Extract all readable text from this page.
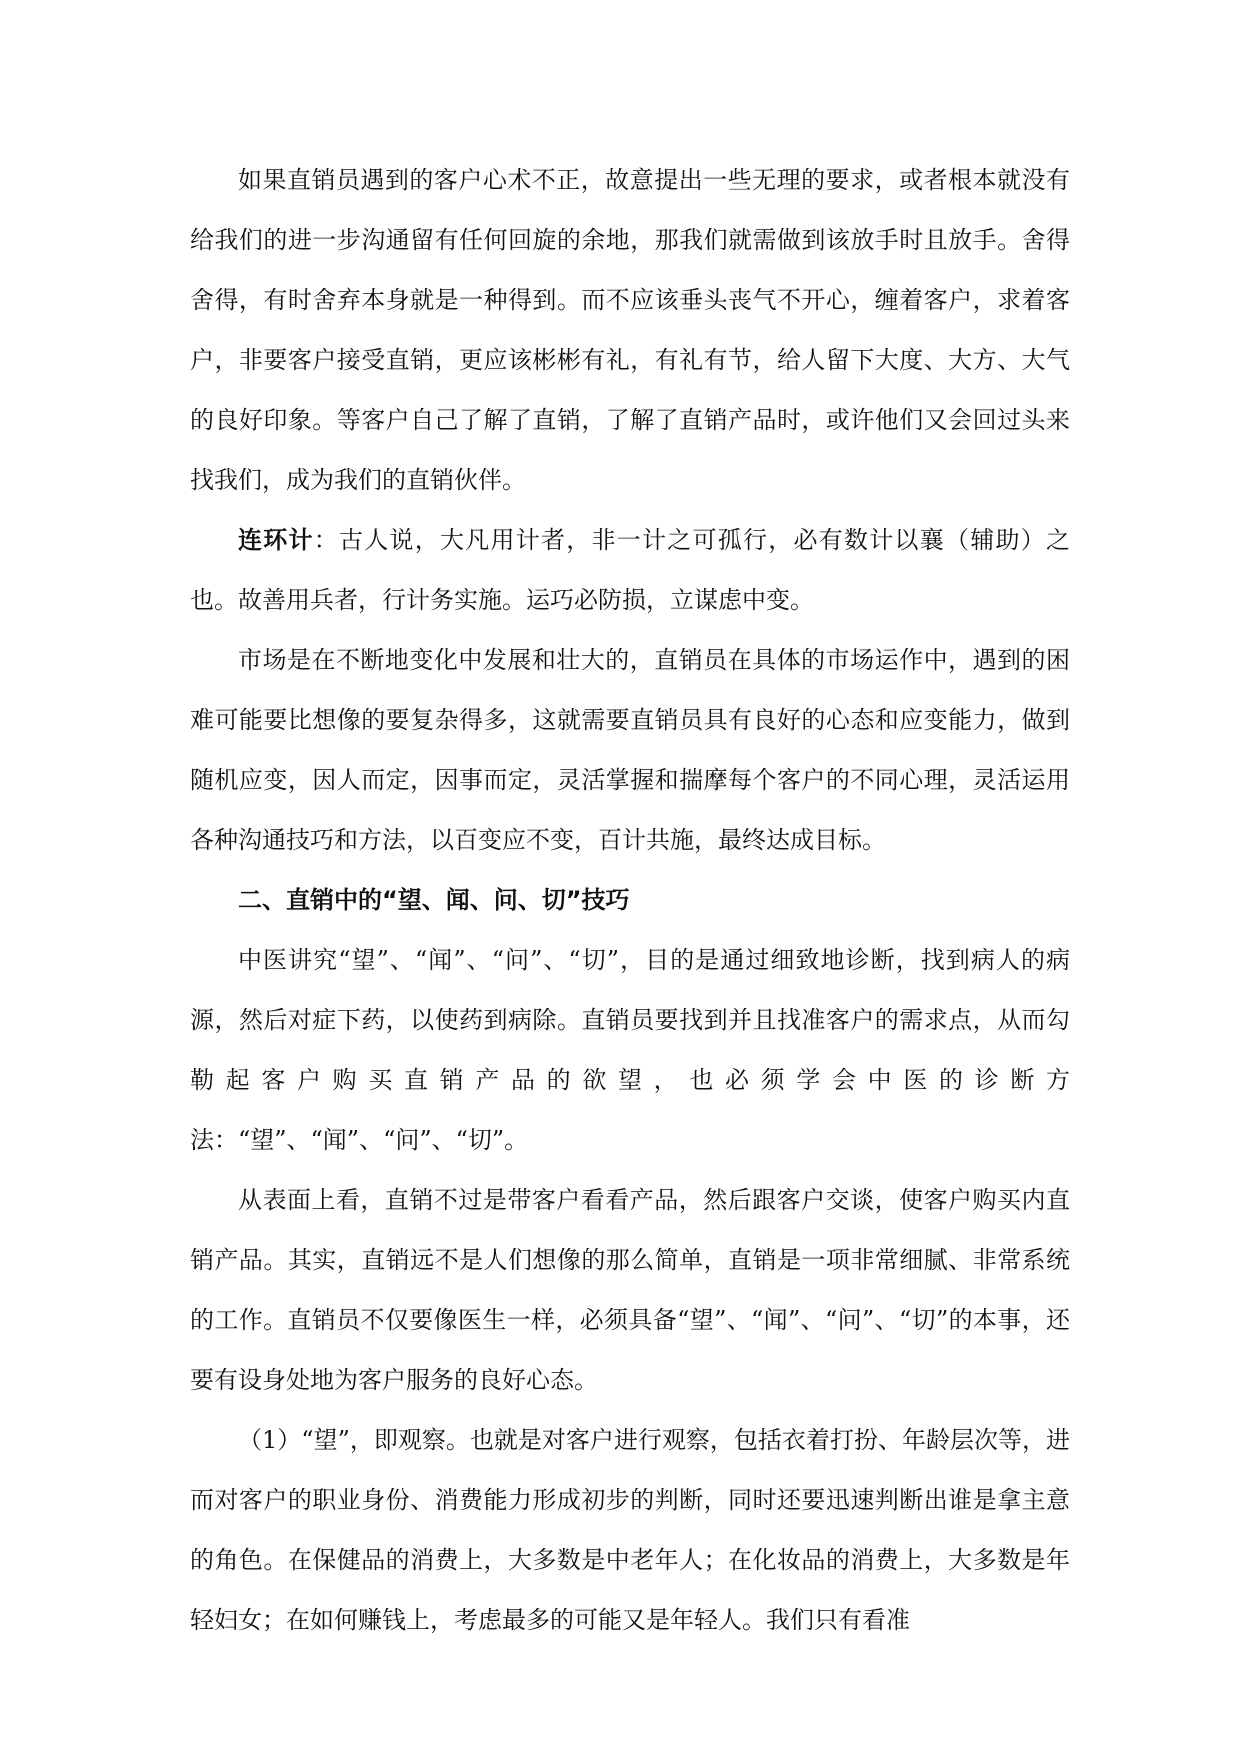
如果直销员遇到的客户心术不正，故意提出一些无理的要求，或者根本就没有给我们的进一步沟通留有任何回旋的余地，那我们就需做到该放手时且放手。舍得舍得，有时舍弃本身就是一种得到。而不应该垂头丧气不开心，缠着客户，求着客户，非要客户接受直销，更应该彬彬有礼，有礼有节，给人留下大度、大方、大气的良好印象。等客户自己了解了直销，了解了直销产品时，或许他们又会回过头来找我们，成为我们的直销伙伴。

连环计：古人说，大凡用计者，非一计之可孤行，必有数计以襄（辅助）之也。故善用兵者，行计务实施。运巧必防损，立谋虑中变。

市场是在不断地变化中发展和壮大的，直销员在具体的市场运作中，遇到的困难可能要比想像的要复杂得多，这就需要直销员具有良好的心态和应变能力，做到随机应变，因人而定，因事而定，灵活掌握和揣摩每个客户的不同心理，灵活运用各种沟通技巧和方法，以百变应不变，百计共施，最终达成目标。

二、直销中的“望、闻、问、切”技巧

中医讲究“望”、“闻”、“问”、“切”，目的是通过细致地诊断，找到病人的病源，然后对症下药，以使药到病除。直销员要找到并且找准客户的需求点，从而勾勒起客户购买直销产品的欲望，也必须学会中医的诊断方法：“望”、“闻”、“问”、“切”。

从表面上看，直销不过是带客户看看产品，然后跟客户交谈，使客户购买内直销产品。其实，直销远不是人们想像的那么简单，直销是一项非常细腻、非常系统的工作。直销员不仅要像医生一样，必须具备“望”、“闻”、“问”、“切”的本事，还要有设身处地为客户服务的良好心态。

（1）“望”，即观察。也就是对客户进行观察，包括衣着打扮、年龄层次等，进而对客户的职业身份、消费能力形成初步的判断，同时还要迅速判断出谁是拿主意的角色。在保健品的消费上，大多数是中老年人；在化妆品的消费上，大多数是年轻妇女；在如何赚钱上，考虑最多的可能又是年轻人。我们只有看准
